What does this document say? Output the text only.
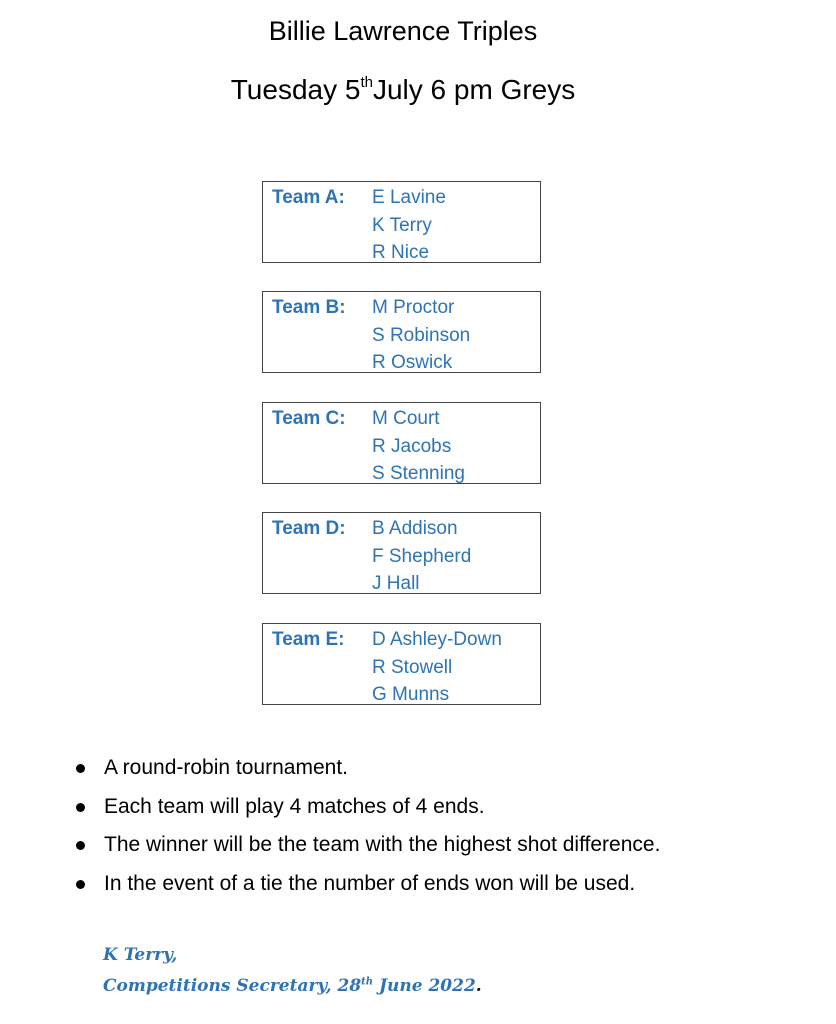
Billie Lawrence Triples
Tuesday 5thJuly 6 pm Greys
Team A: E Lavine
K Terry
R Nice
Team B: M Proctor
S Robinson
R Oswick
Team C: M Court
R Jacobs
S Stenning
Team D: B Addison
F Shepherd
J Hall
Team E: D Ashley-Down
R Stowell
G Munns
A round-robin tournament.
Each team will play 4 matches of 4 ends.
The winner will be the team with the highest shot difference.
In the event of a tie the number of ends won will be used.
K Terry,
Competitions Secretary, 28th June 2022.
